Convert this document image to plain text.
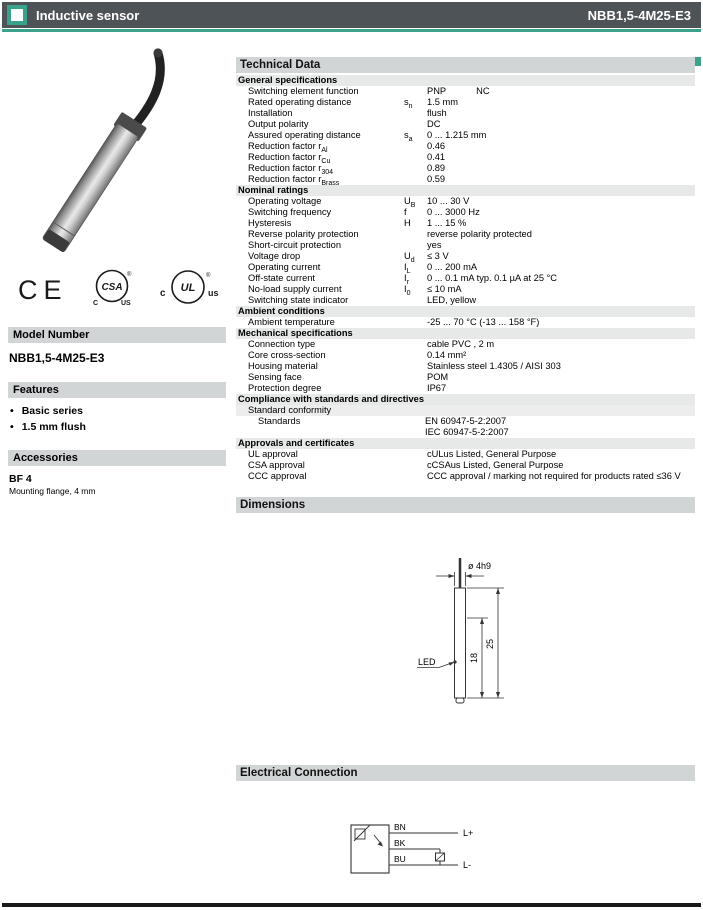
Inductive sensor	NBB1,5-4M25-E3
CE	CSA
®
C	US
c UL
®
us
Model Number
NBB1,5-4M25-E3
Features
• Basic series
• 1.5 mm flush
Accessories
BF 4
Mounting flange, 4 mm
Technical Data
General specifications
Switching element function	PNP	NC
Rated operating distance	$s_n$	1.5 mm
Installation	flush
Output polarity	DC
Assured operating distance	$s_a$	0 ... 1.215 mm
Reduction factor $r_{Al}$	0.46
Reduction factor $r_{Cu}$	0.41
Reduction factor $r_{304}$	0.89
Reduction factor $r_{Brass}$	0.59
Nominal ratings
Operating voltage	$U_B$	10 ... 30 V
Switching frequency	f	0 ... 3000 Hz
Hysteresis	H	1 ... 15 %
Reverse polarity protection	reverse polarity protected
Short-circuit protection	yes
Voltage drop	$U_d$	≤ 3 V
Operating current	$I_L$	0 ... 200 mA
Off-state current	$I_r$	0 ... 0.1 mA typ. 0.1 µA at 25 °C
No-load supply current	$I_0$	≤ 10 mA
Switching state indicator	LED, yellow
Ambient conditions
Ambient temperature	-25 ... 70 °C (-13 ... 158 °F)
Mechanical specifications
Connection type	cable PVC , 2 m
Core cross-section	0.14 mm²
Housing material	Stainless steel 1.4305 / AISI 303
Sensing face	POM
Protection degree	IP67
Compliance with standards and directives
Standard conformity
Standards	EN 60947-5-2:2007
IEC 60947-5-2:2007
Approvals and certificates
UL approval	cULus Listed, General Purpose
CSA approval	cCSAus Listed, General Purpose
CCC approval	CCC approval / marking not required for products rated ≤36 V
Dimensions
ø 4h9
18
25
LED
Electrical Connection
BN
L+
BK
BU
L-
